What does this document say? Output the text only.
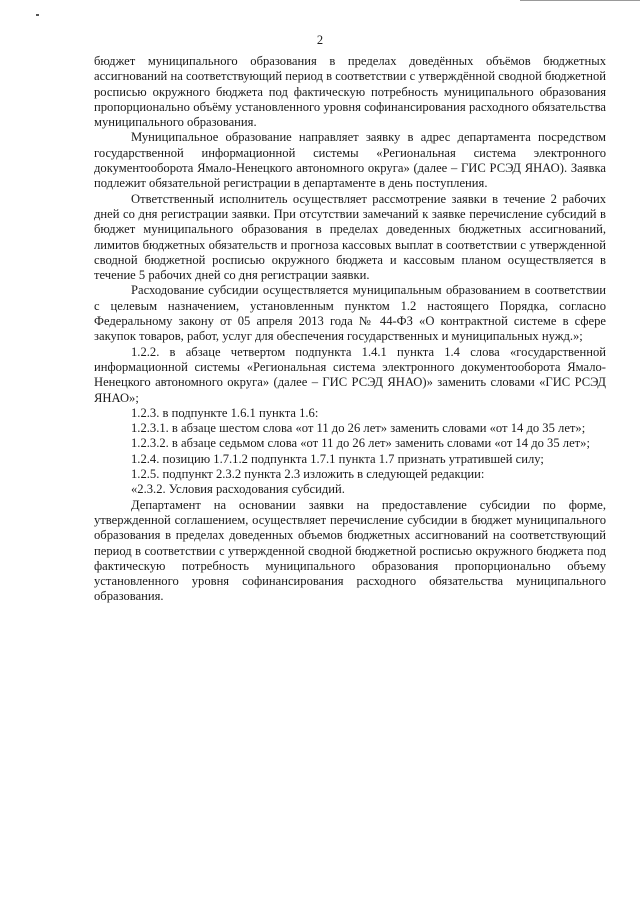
2

бюджет муниципального образования в пределах доведённых объёмов бюджетных ассигнований на соответствующий период в соответствии с утверждённой сводной бюджетной росписью окружного бюджета под фактическую потребность муниципального образования пропорционально объёму установленного уровня софинансирования расходного обязательства муниципального образования.

Муниципальное образование направляет заявку в адрес департамента посредством государственной информационной системы «Региональная система электронного документооборота Ямало-Ненецкого автономного округа» (далее – ГИС РСЭД ЯНАО). Заявка подлежит обязательной регистрации в департаменте в день поступления.

Ответственный исполнитель осуществляет рассмотрение заявки в течение 2 рабочих дней со дня регистрации заявки. При отсутствии замечаний к заявке перечисление субсидий в бюджет муниципального образования в пределах доведенных бюджетных ассигнований, лимитов бюджетных обязательств и прогноза кассовых выплат в соответствии с утвержденной сводной бюджетной росписью окружного бюджета и кассовым планом осуществляется в течение 5 рабочих дней со дня регистрации заявки.

Расходование субсидии осуществляется муниципальным образованием в соответствии с целевым назначением, установленным пунктом 1.2 настоящего Порядка, согласно Федеральному закону от 05 апреля 2013 года № 44-ФЗ «О контрактной системе в сфере закупок товаров, работ, услуг для обеспечения государственных и муниципальных нужд.»;

1.2.2. в абзаце четвертом подпункта 1.4.1 пункта 1.4 слова «государственной информационной системы «Региональная система электронного документооборота Ямало-Ненецкого автономного округа» (далее – ГИС РСЭД ЯНАО)» заменить словами «ГИС РСЭД ЯНАО»;

1.2.3. в подпункте 1.6.1 пункта 1.6:

1.2.3.1. в абзаце шестом слова «от 11 до 26 лет» заменить словами «от 14 до 35 лет»;

1.2.3.2. в абзаце седьмом слова «от 11 до 26 лет» заменить словами «от 14 до 35 лет»;

1.2.4. позицию 1.7.1.2 подпункта 1.7.1 пункта 1.7 признать утратившей силу;

1.2.5. подпункт 2.3.2 пункта 2.3 изложить в следующей редакции:

«2.3.2. Условия расходования субсидий.

Департамент на основании заявки на предоставление субсидии по форме, утвержденной соглашением, осуществляет перечисление субсидии в бюджет муниципального образования в пределах доведенных объемов бюджетных ассигнований на соответствующий период в соответствии с утвержденной сводной бюджетной росписью окружного бюджета под фактическую потребность муниципального образования пропорционально объему установленного уровня софинансирования расходного обязательства муниципального образования.
